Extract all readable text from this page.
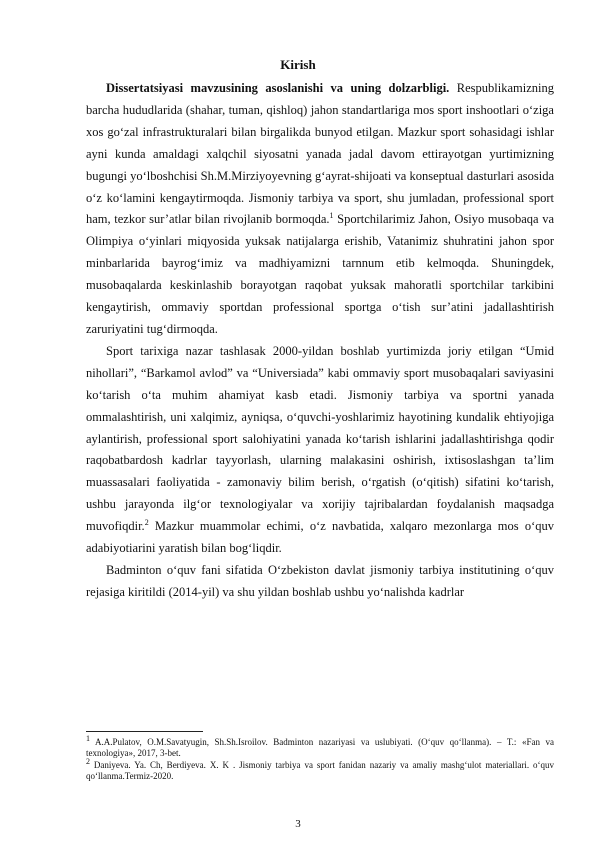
Kirish

Dissertatsiyasi mavzusining asoslanishi va uning dolzarbligi. Respublikamizning barcha hududlarida (shahar, tuman, qishloq) jahon standartlariga mos sport inshootlari o‘ziga xos go‘zal infrastrukturalari bilan birgalikda bunyod etilgan. Mazkur sport sohasidagi ishlar ayni kunda amaldagi xalqchil siyosatni yanada jadal davom ettirayotgan yurtimizning bugungi yo‘lboshchisi Sh.M.Mirziyoyevning g‘ayrat-shijoati va konseptual dasturlari asosida o‘z ko‘lamini kengaytirmoqda. Jismoniy tarbiya va sport, shu jumladan, professional sport ham, tezkor sur’atlar bilan rivojlanib bormoqda.$^1$ Sportchilarimiz Jahon, Osiyo musobaqa va Olimpiya o‘yinlari miqyosida yuksak natijalarga erishib, Vatanimiz shuhratini jahon spor minbarlarida bayrog‘imiz va madhiyamizni tarnnum etib kelmoqda. Shuningdek, musobaqalarda keskinlashib borayotgan raqobat yuksak mahoratli sportchilar tarkibini kengaytirish, ommaviy sportdan professional sportga o‘tish sur’atini jadallashtirish zaruriyatini tug‘dirmoqda.

Sport tarixiga nazar tashlasak 2000-yildan boshlab yurtimizda joriy etilgan “Umid nihollari”, “Barkamol avlod” va “Universiada” kabi ommaviy sport musobaqalari saviyasini ko‘tarish o‘ta muhim ahamiyat kasb etadi. Jismoniy tarbiya va sportni yanada ommalashtirish, uni xalqimiz, ayniqsa, o‘quvchi-yoshlarimiz hayotining kundalik ehtiyojiga aylantirish, professional sport salohiyatini yanada ko‘tarish ishlarini jadallashtirishga qodir raqobatbardosh kadrlar tayyorlash, ularning malakasini oshirish, ixtisoslashgan ta’lim muassasalari faoliyatida - zamonaviy bilim berish, o‘rgatish (o‘qitish) sifatini ko‘tarish, ushbu jarayonda ilg‘or texnologiyalar va xorijiy tajribalardan foydalanish maqsadga muvofiqdir.$^2$ Mazkur muammolar echimi, o‘z navbatida, xalqaro mezonlarga mos o‘quv adabiyotiarini yaratish bilan bog‘liqdir.

Badminton o‘quv fani sifatida O‘zbekiston davlat jismoniy tarbiya institutining o‘quv rejasiga kiritildi (2014-yil) va shu yildan boshlab ushbu yo‘nalishda kadrlar

$^1$ A.A.Pulatov, O.M.Savatyugin, Sh.Sh.Isroilov. Badminton nazariyasi va uslubiyati. (O‘quv qo‘llanma). – T.: «Fan va texnologiya», 2017, 3-bet.

$^2$ Daniyeva. Ya. Ch, Berdiyeva. X. K . Jismoniy tarbiya va sport fanidan nazariy va amaliy mashg‘ulot materiallari. o‘quv qo‘llanma.Termiz-2020.

3
